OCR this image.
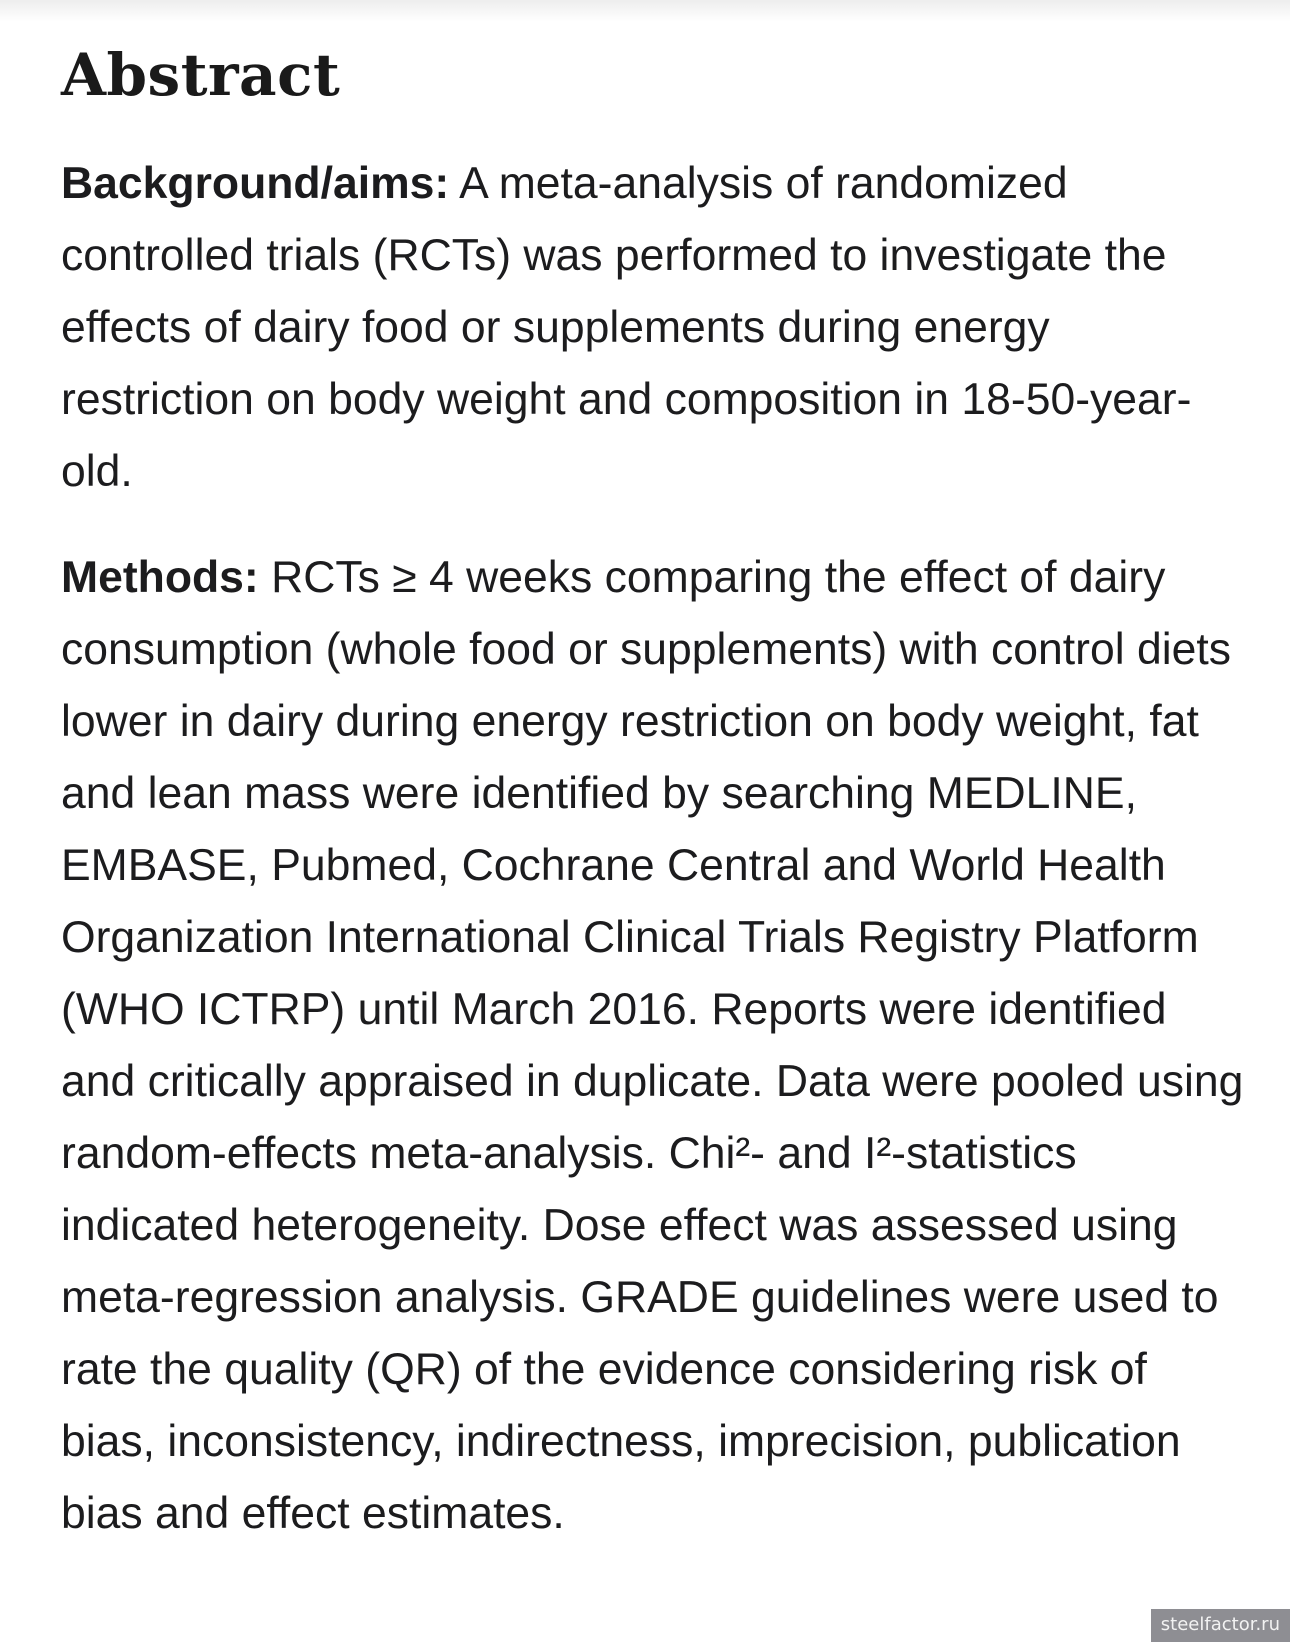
Abstract

Background/aims: A meta-analysis of randomized controlled trials (RCTs) was performed to investigate the effects of dairy food or supplements during energy restriction on body weight and composition in 18-50-year-old.

Methods: RCTs ≥ 4 weeks comparing the effect of dairy consumption (whole food or supplements) with control diets lower in dairy during energy restriction on body weight, fat and lean mass were identified by searching MEDLINE, EMBASE, Pubmed, Cochrane Central and World Health Organization International Clinical Trials Registry Platform (WHO ICTRP) until March 2016. Reports were identified and critically appraised in duplicate. Data were pooled using random-effects meta-analysis. Chi²- and I²-statistics indicated heterogeneity. Dose effect was assessed using meta-regression analysis. GRADE guidelines were used to rate the quality (QR) of the evidence considering risk of bias, inconsistency, indirectness, imprecision, publication bias and effect estimates.

steelfactor.ru
